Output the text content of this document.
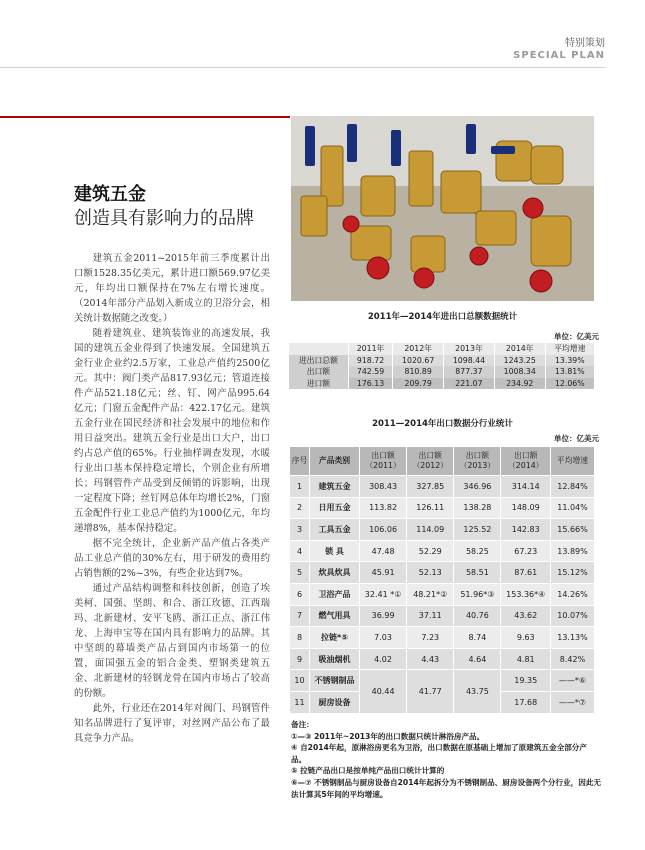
特别策划
SPECIAL PLAN
建筑五金
创造具有影响力的品牌

建筑五金2011~2015年前三季度累计出口额1528.35亿美元，累计进口额569.97亿美元，年均出口额保持在7%左右增长速度。（2014年部分产品划入新成立的卫浴分会，相关统计数据随之改变。）

随着建筑业、建筑装饰业的高速发展，我国的建筑五金业得到了快速发展。全国建筑五金行业企业约2.5万家，工业总产值约2500亿元。其中：阀门类产品817.93亿元；管道连接件产品521.18亿元；丝、钉、网产品995.64亿元；门窗五金配件产品：422.17亿元。建筑五金行业在国民经济和社会发展中的地位和作用日益突出。建筑五金行业是出口大户，出口约占总产值的65%。行业抽样调查发现，水暖行业出口基本保持稳定增长，个别企业有所增长；玛钢管件产品受到反倾销的诉影响，出现一定程度下降；丝钉网总体年均增长2%，门窗五金配件行业工业总产值约为1000亿元，年均递增8%，基本保持稳定。

据不完全统计，企业新产品产值占各类产品工业总产值的30%左右，用于研发的费用约占销售额的2%~3%，有些企业达到7%。

通过产品结构调整和科技创新，创造了埃美柯、国强、坚朗、和合、浙江玫德、江西瑞玛、北新建材、安平飞鸥、浙江正点、浙江伟龙、上海申宝等在国内具有影响力的品牌。其中坚朗的幕墙类产品占到国内市场第一的位置，面国强五金的铝合金类、塑钢类建筑五金、北新建材的轻钢龙骨在国内市场占了较高的份额。

此外，行业还在2014年对阀门、玛钢管件知名品牌进行了复评审，对丝网产品公布了最具竞争力产品。

2011年—2014年进出口总额数据统计
单位：亿美元
	2011年	2012年	2013年	2014年	平均增速
进出口总额	918.72	1020.67	1098.44	1243.25	13.39%
出口额	742.59	810.89	877.37	1008.34	13.81%
进口额	176.13	209.79	221.07	234.92	12.06%
2011—2014年出口数据分行业统计
单位：亿美元
序号	产品类别	出口额（2011）	出口额（2012）	出口额（2013）	出口额（2014）	平均增速
1	建筑五金	308.43	327.85	346.96	314.14	12.84%
2	日用五金	113.82	126.11	138.28	148.09	11.04%
3	工具五金	106.06	114.09	125.52	142.83	15.66%
4	锁 具	47.48	52.29	58.25	67.23	13.89%
5	炊具炊具	45.91	52.13	58.51	87.61	15.12%
6	卫浴产品	32.41 *①	48.21*②	51.96*③	153.36*④	14.26%
7	燃气用具	36.99	37.11	40.76	43.62	10.07%
8	拉链*⑤	7.03	7.23	8.74	9.63	13.13%
9	吸油烟机	4.02	4.43	4.64	4.81	8.42%
10	不锈钢制品	40.44	41.77	43.75	19.35	——*⑥
11	厨房设备				17.68	——*⑦
备注：
①—③ 2011年~2013年的出口数据只统计淋浴房产品。
④ 自2014年起，原淋浴房更名为卫浴，出口数据在原基础上增加了原建筑五金全部分产品。
⑤ 拉链产品出口是按单纯产品出口统计计算的
⑥—⑦ 不锈钢制品与厨房设备自2014年起拆分为不锈钢制品、厨房设备两个分行业，因此无法计算其5年间的平均增速。
